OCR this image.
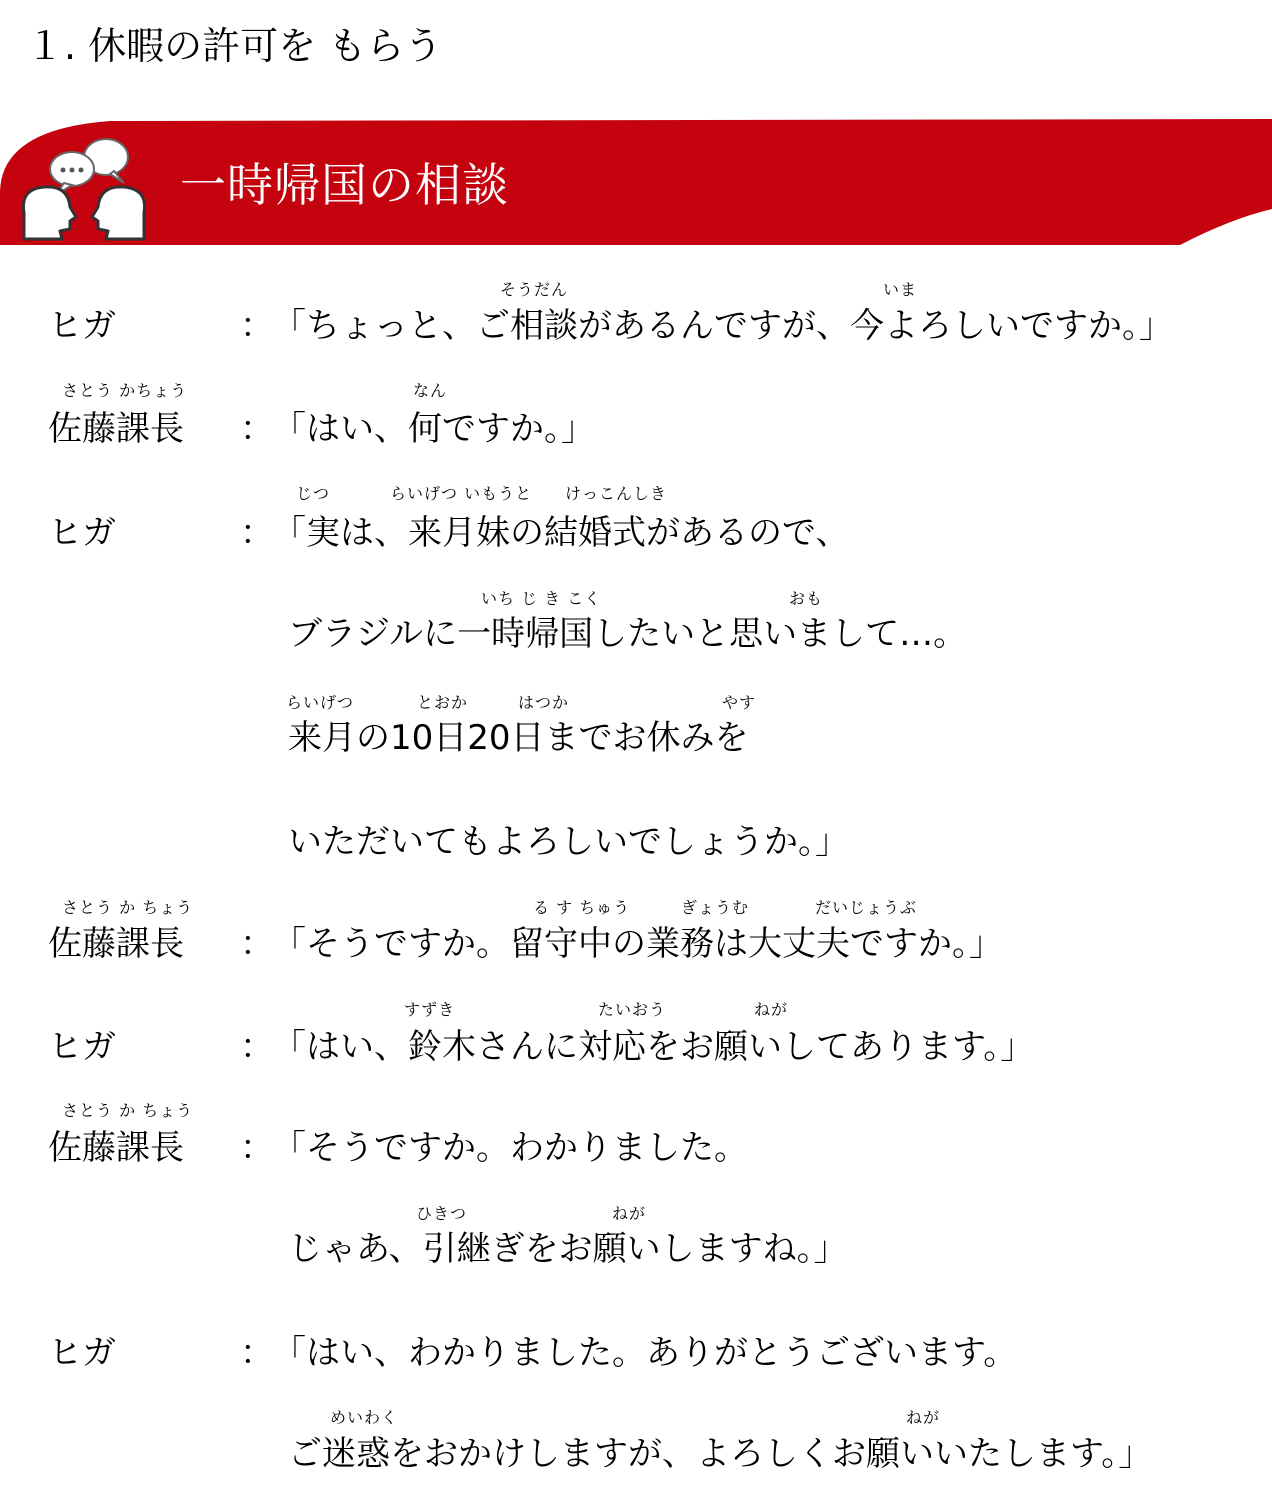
１. 休暇の許可を もらう
一時帰国の相談
そうだん	いま
ヒガ	：
「ちょっと、ご相談があるんですが、今よろしいですか。」
さとう かちょう	なん
佐藤課長 ：
「はい、何ですか。」
じつ	らいげつ いもうと けっこんしき
ヒガ	：
「実は、来月妹の結婚式があるので、
いち じ き こく	おも
ブラジルに一時帰国したいと思いまして…。
らいげつ	とおか	はつか	やす
来月の10日20日までお休みを
いただいてもよろしいでしょうか。」
さとう か ちょう	る す ちゅう	ぎょうむ	だいじょうぶ
佐藤課長 ：
「そうですか。留守中の業務は大丈夫ですか。」
すずき	たいおう	ねが
ヒガ	：
「はい、鈴木さんに対応をお願いしてあります。」
さとう か ちょう
佐藤課長 ：
「そうですか。わかりました。
ひきつ	ねが
じゃあ、引継ぎをお願いしますね。」
ヒガ	：
「はい、わかりました。ありがとうございます。
めいわく	ねが
ご迷惑をおかけしますが、よろしくお願いいたします。」
